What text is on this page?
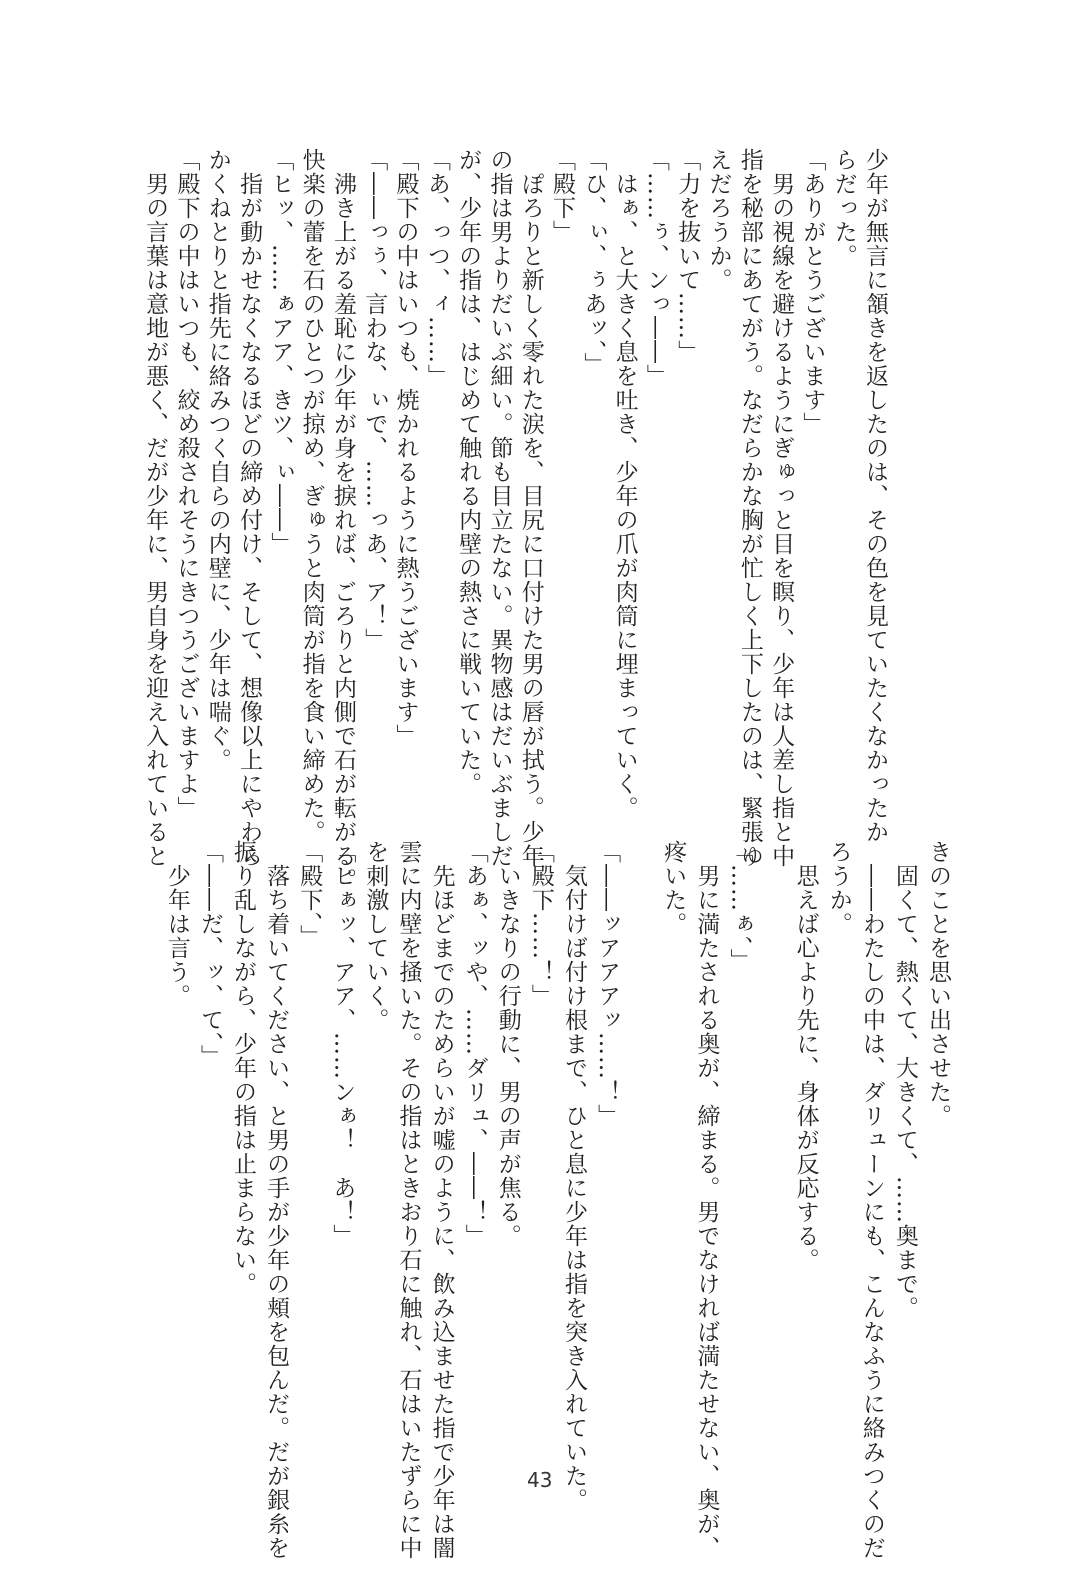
少年が無言に頷きを返したのは、その色を見ていたくなかったか
らだった。
「ありがとうございます」
　男の視線を避けるようにぎゅっと目を瞑り、少年は人差し指と中
指を秘部にあてがう。なだらかな胸が忙しく上下したのは、緊張ゆ
えだろうか。
「力を抜いて……」
「……ぅ、ンっ――」
　はぁ、と大きく息を吐き、少年の爪が肉筒に埋まっていく。
「ひ、ぃ、ぅあッ、」
「殿下」
　ぽろりと新しく零れた涙を、目尻に口付けた男の唇が拭う。少年
の指は男よりだいぶ細い。節も目立たない。異物感はだいぶましだ
が、少年の指は、はじめて触れる内壁の熱さに戦いていた。
「あ、っつ、ィ……」
「殿下の中はいつも、焼かれるように熱うございます」
「――っぅ、言わな、ぃで、……っあ、ア！」
　沸き上がる羞恥に少年が身を捩れば、ごろりと内側で石が転がる。
快楽の蕾を石のひとつが掠め、ぎゅうと肉筒が指を食い締めた。
「ヒッ、……ぁアア、きツ、ぃ――」
　指が動かせなくなるほどの締め付け、そして、想像以上にやわら
かくねとりと指先に絡みつく自らの内壁に、少年は喘ぐ。
「殿下の中はいつも、絞め殺されそうにきつうございますよ」
　男の言葉は意地が悪く、だが少年に、男自身を迎え入れていると
きのことを思い出させた。
　固くて、熱くて、大きくて、……奥まで。
　――わたしの中は、ダリューンにも、こんなふうに絡みつくのだ
ろうか。
　思えば心より先に、身体が反応する。

「……ぁ、」
　男に満たされる奥が、締まる。男でなければ満たせない、奥が、
疼いた。

「――ッアアアッ……！」
　気付けば付け根まで、ひと息に少年は指を突き入れていた。
「殿下……！」
　いきなりの行動に、男の声が焦る。
「あぁ、ッや、……ダリュ、――！」
　先ほどまでのためらいが嘘のように、飲み込ませた指で少年は闇
雲に内壁を掻いた。その指はときおり石に触れ、石はいたずらに中
を刺激していく。
「ヒぁッ、アア、……ンぁ！　あ！」
「殿下、」
　落ち着いてください、と男の手が少年の頬を包んだ。だが銀糸を
振り乱しながら、少年の指は止まらない。
「――だ、ッ、て、」
　少年は言う。
43
